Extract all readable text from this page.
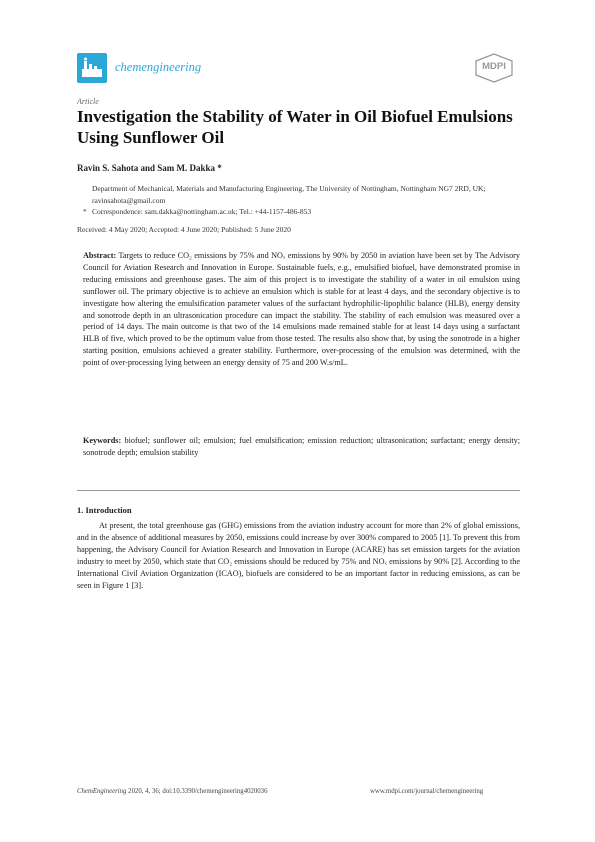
chemengineering	MDPI
Article
Investigation the Stability of Water in Oil Biofuel Emulsions Using Sunflower Oil
Ravin S. Sahota and Sam M. Dakka *
Department of Mechanical, Materials and Manufacturing Engineering, The University of Nottingham, Nottingham NG7 2RD, UK; ravinsahota@gmail.com
* Correspondence: sam.dakka@nottingham.ac.uk; Tel.: +44-1157-486-853
Received: 4 May 2020; Accepted: 4 June 2020; Published: 5 June 2020
Abstract: Targets to reduce CO₂ emissions by 75% and NOₓ emissions by 90% by 2050 in aviation have been set by The Advisory Council for Aviation Research and Innovation in Europe. Sustainable fuels, e.g., emulsified biofuel, have demonstrated promise in reducing emissions and greenhouse gases. The aim of this project is to investigate the stability of a water in oil emulsion using sunflower oil. The primary objective is to achieve an emulsion which is stable for at least 4 days, and the secondary objective is to investigate how altering the emulsification parameter values of the surfactant hydrophilic-lipophilic balance (HLB), energy density and sonotrode depth in an ultrasonication procedure can impact the stability. The stability of each emulsion was measured over a period of 14 days. The main outcome is that two of the 14 emulsions made remained stable for at least 14 days using a surfactant HLB of five, which proved to be the optimum value from those tested. The results also show that, by using the sonotrode in a higher starting position, emulsions achieved a greater stability. Furthermore, over-processing of the emulsion was determined, with the point of over-processing lying between an energy density of 75 and 200 W.s/mL.
Keywords: biofuel; sunflower oil; emulsion; fuel emulsification; emission reduction; ultrasonication; surfactant; energy density; sonotrode depth; emulsion stability
1. Introduction
At present, the total greenhouse gas (GHG) emissions from the aviation industry account for more than 2% of global emissions, and in the absence of additional measures by 2050, emissions could increase by over 300% compared to 2005 [1]. To prevent this from happening, the Advisory Council for Aviation Research and Innovation in Europe (ACARE) has set emission targets for the aviation industry to meet by 2050, which state that CO₂ emissions should be reduced by 75% and NOₓ emissions by 90% [2]. According to the International Civil Aviation Organization (ICAO), biofuels are considered to be an important factor in reducing emissions, as can be seen in Figure 1 [3].
ChemEngineering 2020, 4, 36; doi:10.3390/chemengineering4020036	www.mdpi.com/journal/chemengineering
